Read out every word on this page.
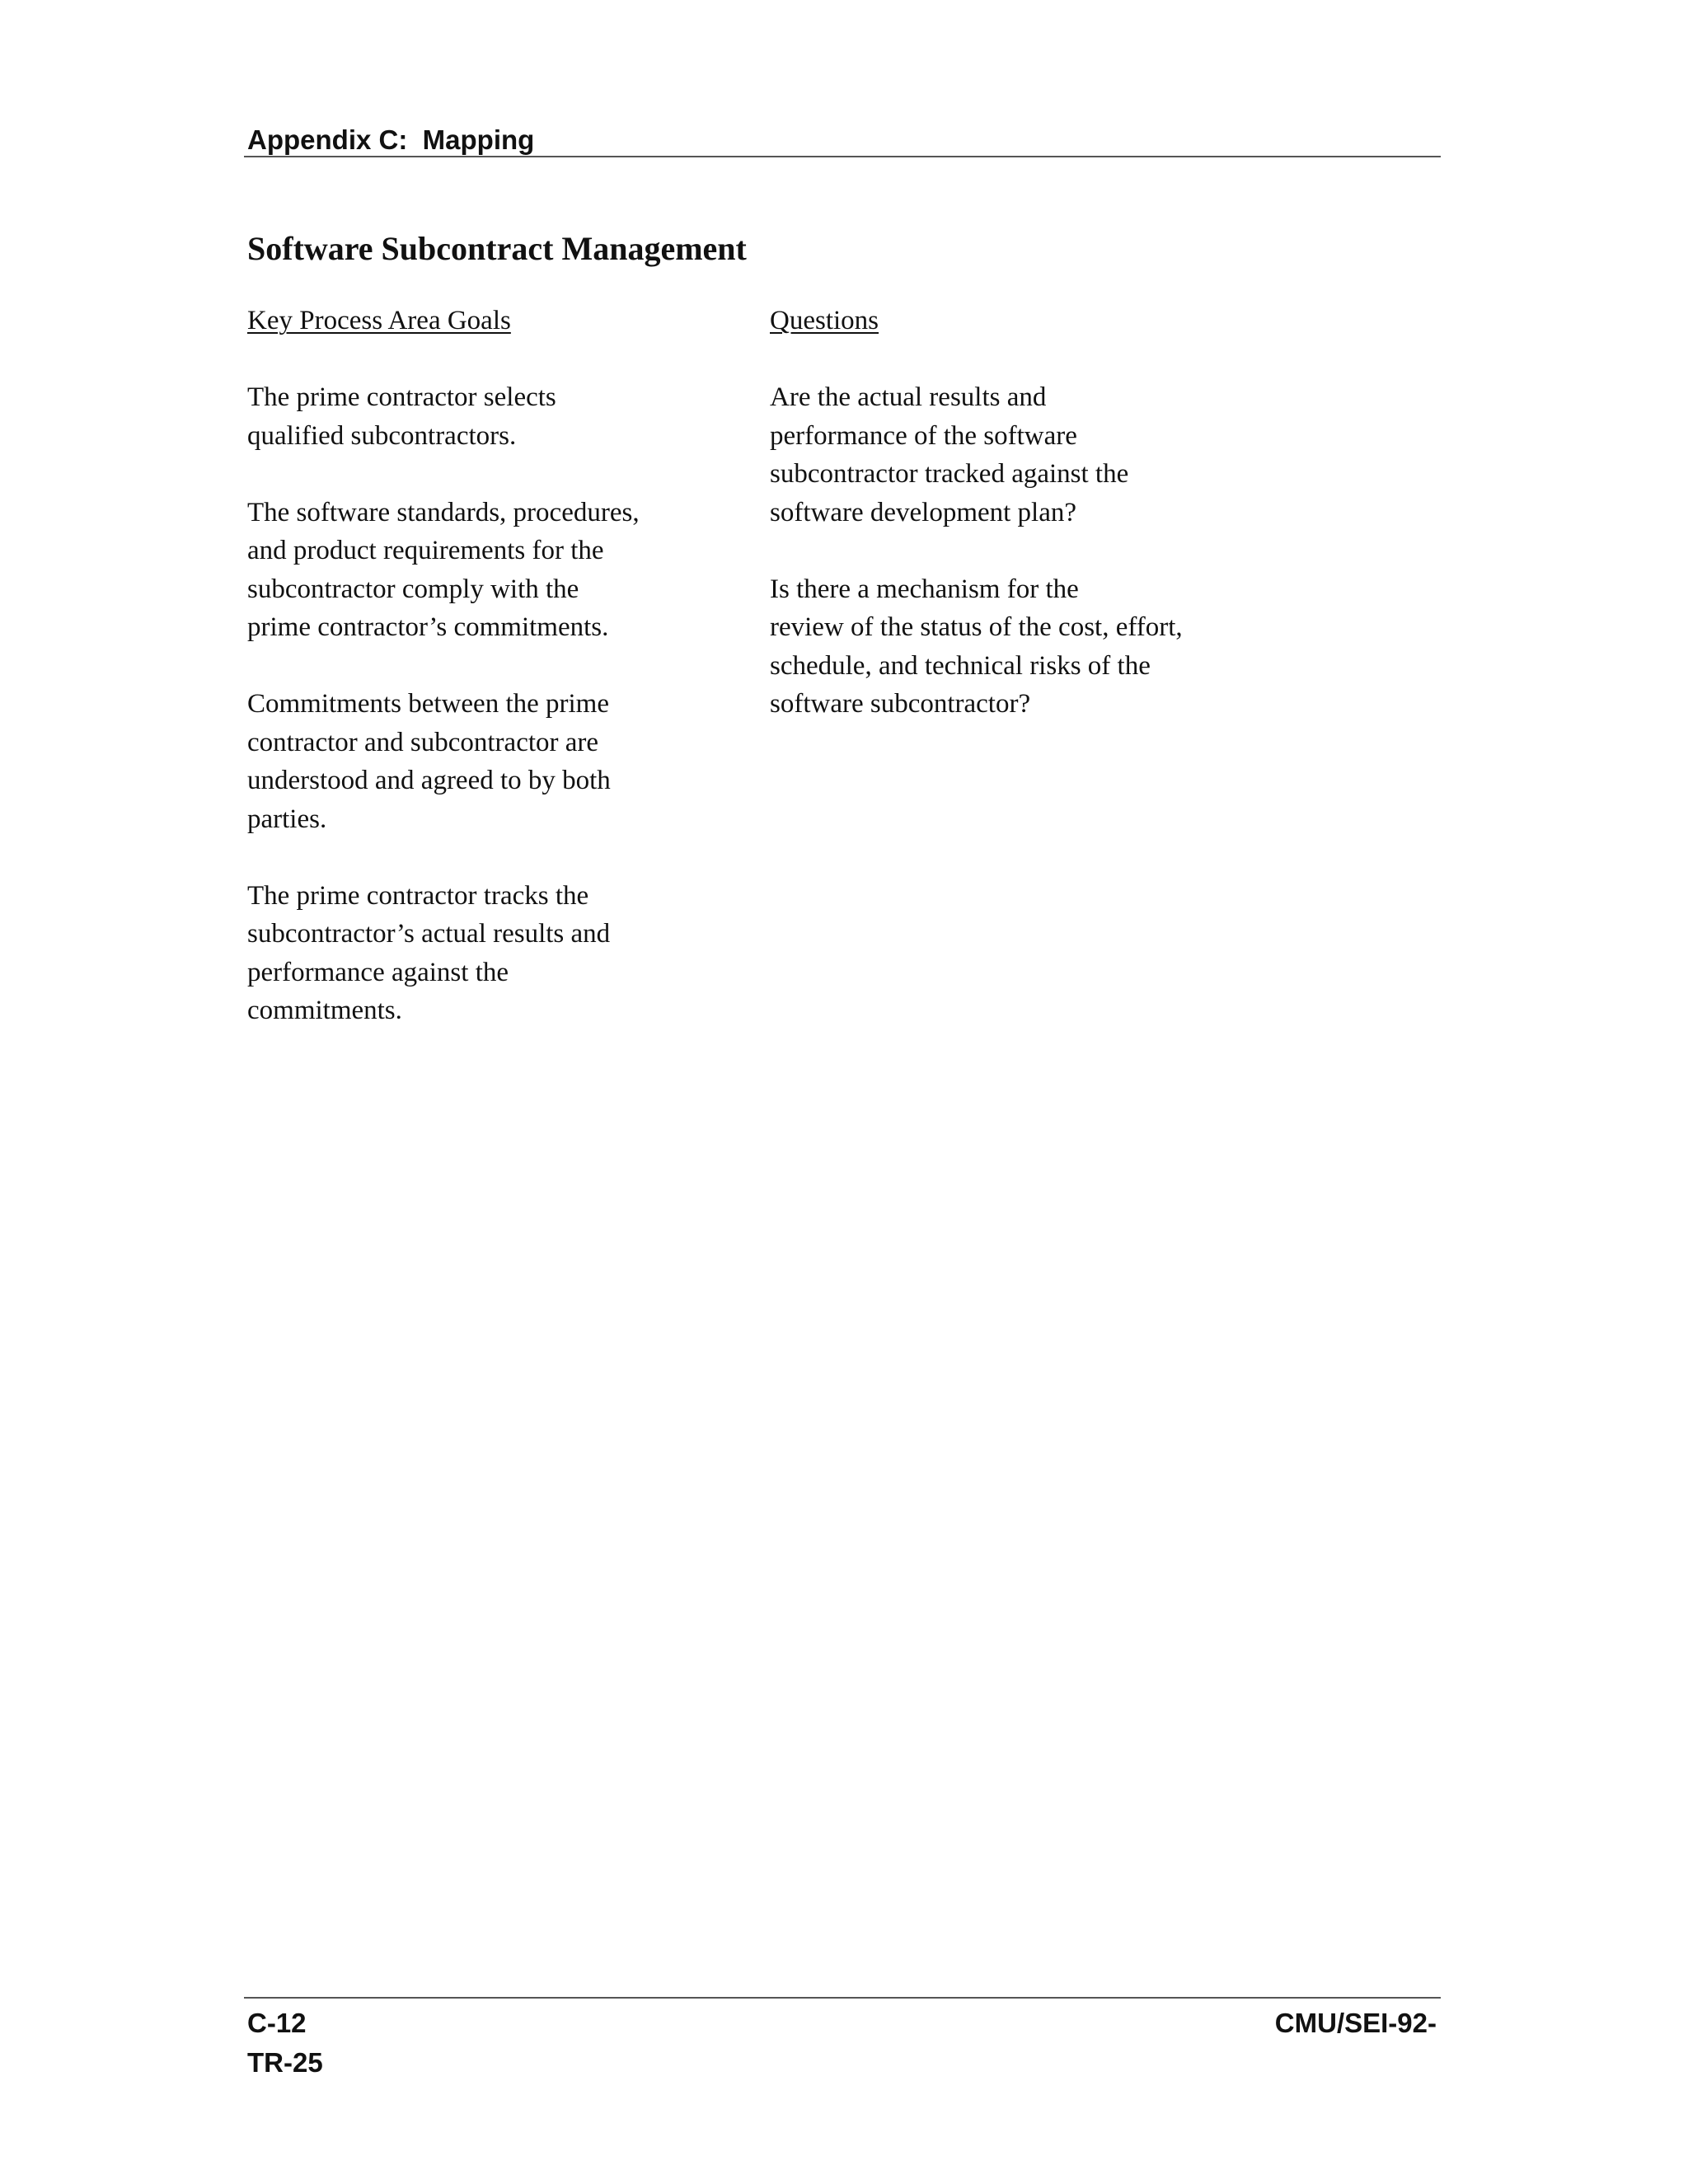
Appendix C:  Mapping
Software Subcontract Management
Key Process Area Goals

The prime contractor selects
qualified subcontractors.

The software standards, procedures,
and product requirements for the
subcontractor comply with the
prime contractor’s commitments.

Commitments between the prime
contractor and subcontractor are
understood and agreed to by both
parties.

The prime contractor tracks the
subcontractor’s actual results and
performance against the
commitments.

Questions

Are the actual results and
performance of the software
subcontractor tracked against the
software development plan?

Is there a mechanism for the
review of the status of the cost, effort,
schedule, and technical risks of the
software subcontractor?

C-12
TR-25
CMU/SEI-92-
